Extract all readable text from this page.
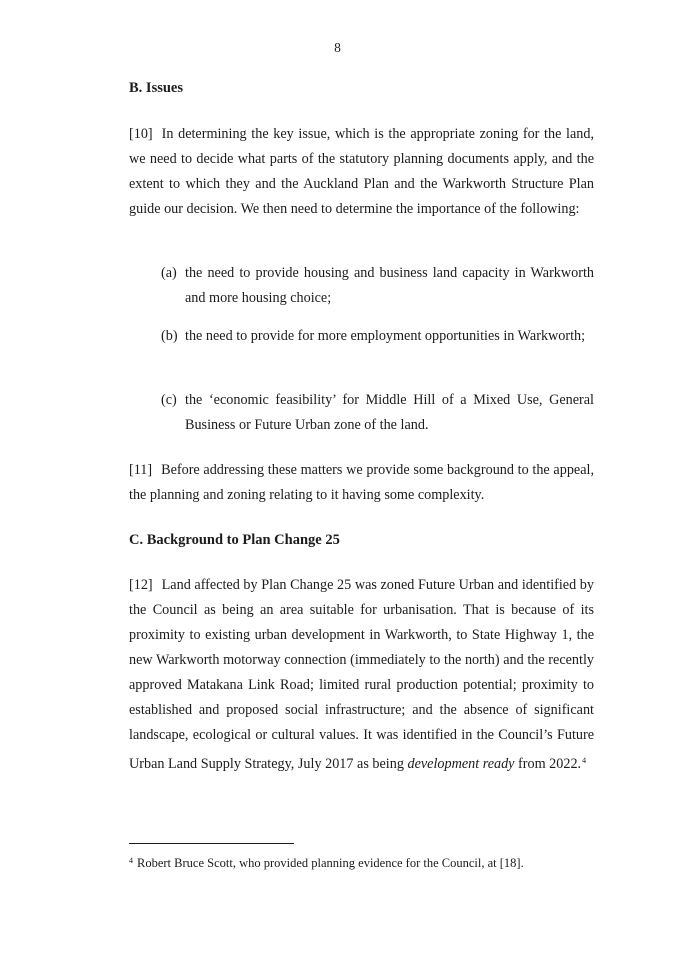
8
B. Issues
[10] In determining the key issue, which is the appropriate zoning for the land, we need to decide what parts of the statutory planning documents apply, and the extent to which they and the Auckland Plan and the Warkworth Structure Plan guide our decision. We then need to determine the importance of the following:
(a) the need to provide housing and business land capacity in Warkworth and more housing choice;
(b) the need to provide for more employment opportunities in Warkworth;
(c) the ‘economic feasibility’ for Middle Hill of a Mixed Use, General Business or Future Urban zone of the land.
[11] Before addressing these matters we provide some background to the appeal, the planning and zoning relating to it having some complexity.
C. Background to Plan Change 25
[12] Land affected by Plan Change 25 was zoned Future Urban and identified by the Council as being an area suitable for urbanisation. That is because of its proximity to existing urban development in Warkworth, to State Highway 1, the new Warkworth motorway connection (immediately to the north) and the recently approved Matakana Link Road; limited rural production potential; proximity to established and proposed social infrastructure; and the absence of significant landscape, ecological or cultural values. It was identified in the Council’s Future Urban Land Supply Strategy, July 2017 as being development ready from 2022.$^4$
$^4$ Robert Bruce Scott, who provided planning evidence for the Council, at [18].
